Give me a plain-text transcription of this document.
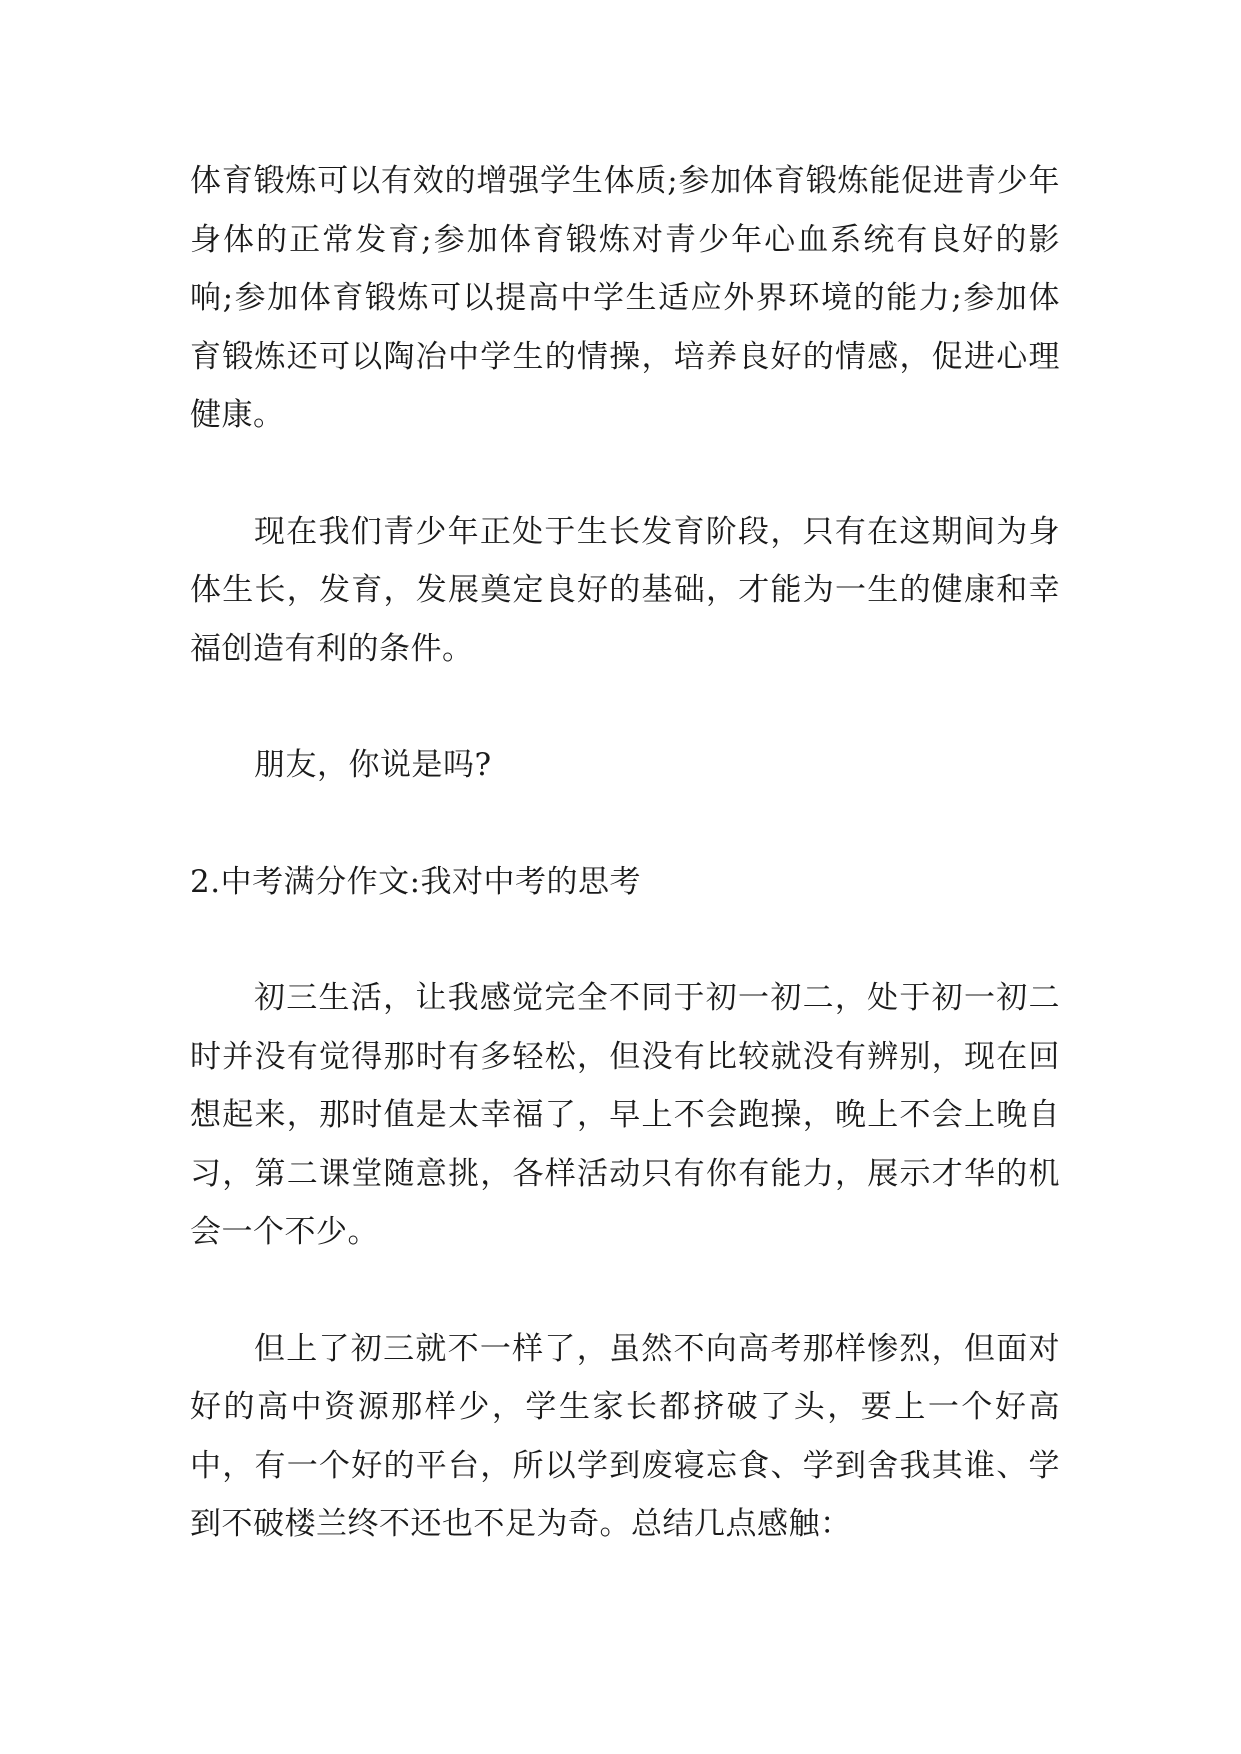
体育锻炼可以有效的增强学生体质;参加体育锻炼能促进青少年身体的正常发育;参加体育锻炼对青少年心血系统有良好的影响;参加体育锻炼可以提高中学生适应外界环境的能力;参加体育锻炼还可以陶冶中学生的情操，培养良好的情感，促进心理健康。

现在我们青少年正处于生长发育阶段，只有在这期间为身体生长，发育，发展奠定良好的基础，才能为一生的健康和幸福创造有利的条件。

朋友，你说是吗?

2.中考满分作文:我对中考的思考

初三生活，让我感觉完全不同于初一初二，处于初一初二时并没有觉得那时有多轻松，但没有比较就没有辨别，现在回想起来，那时值是太幸福了，早上不会跑操，晚上不会上晚自习，第二课堂随意挑，各样活动只有你有能力，展示才华的机会一个不少。

但上了初三就不一样了，虽然不向高考那样惨烈，但面对好的高中资源那样少，学生家长都挤破了头，要上一个好高中，有一个好的平台，所以学到废寝忘食、学到舍我其谁、学到不破楼兰终不还也不足为奇。总结几点感触：
